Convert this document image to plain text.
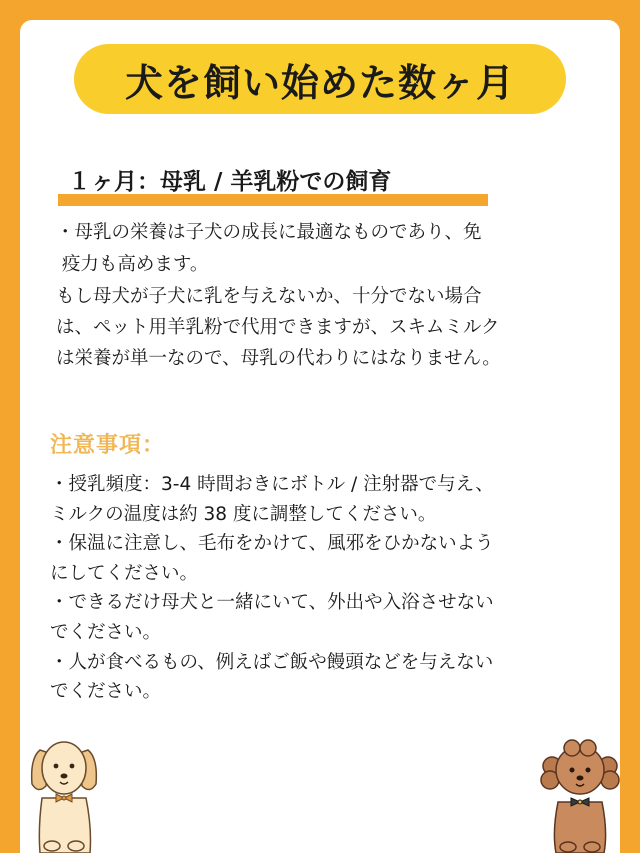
犬を飼い始めた数ヶ月
１ヶ月：母乳 / 羊乳粉での飼育
・母乳の栄養は子犬の成長に最適なものであり、免
疫力も高めます。
もし母犬が子犬に乳を与えないか、十分でない場合
は、ペット用羊乳粉で代用できますが、スキムミルク
は栄養が単一なので、母乳の代わりにはなりません。
注意事項：
・授乳頻度：3-4 時間おきにボトル / 注射器で与え、
ミルクの温度は約 38 度に調整してください。
・保温に注意し、毛布をかけて、風邪をひかないよう
にしてください。
・できるだけ母犬と一緒にいて、外出や入浴させない
でください。
・人が食べるもの、例えばご飯や饅頭などを与えない
でください。
